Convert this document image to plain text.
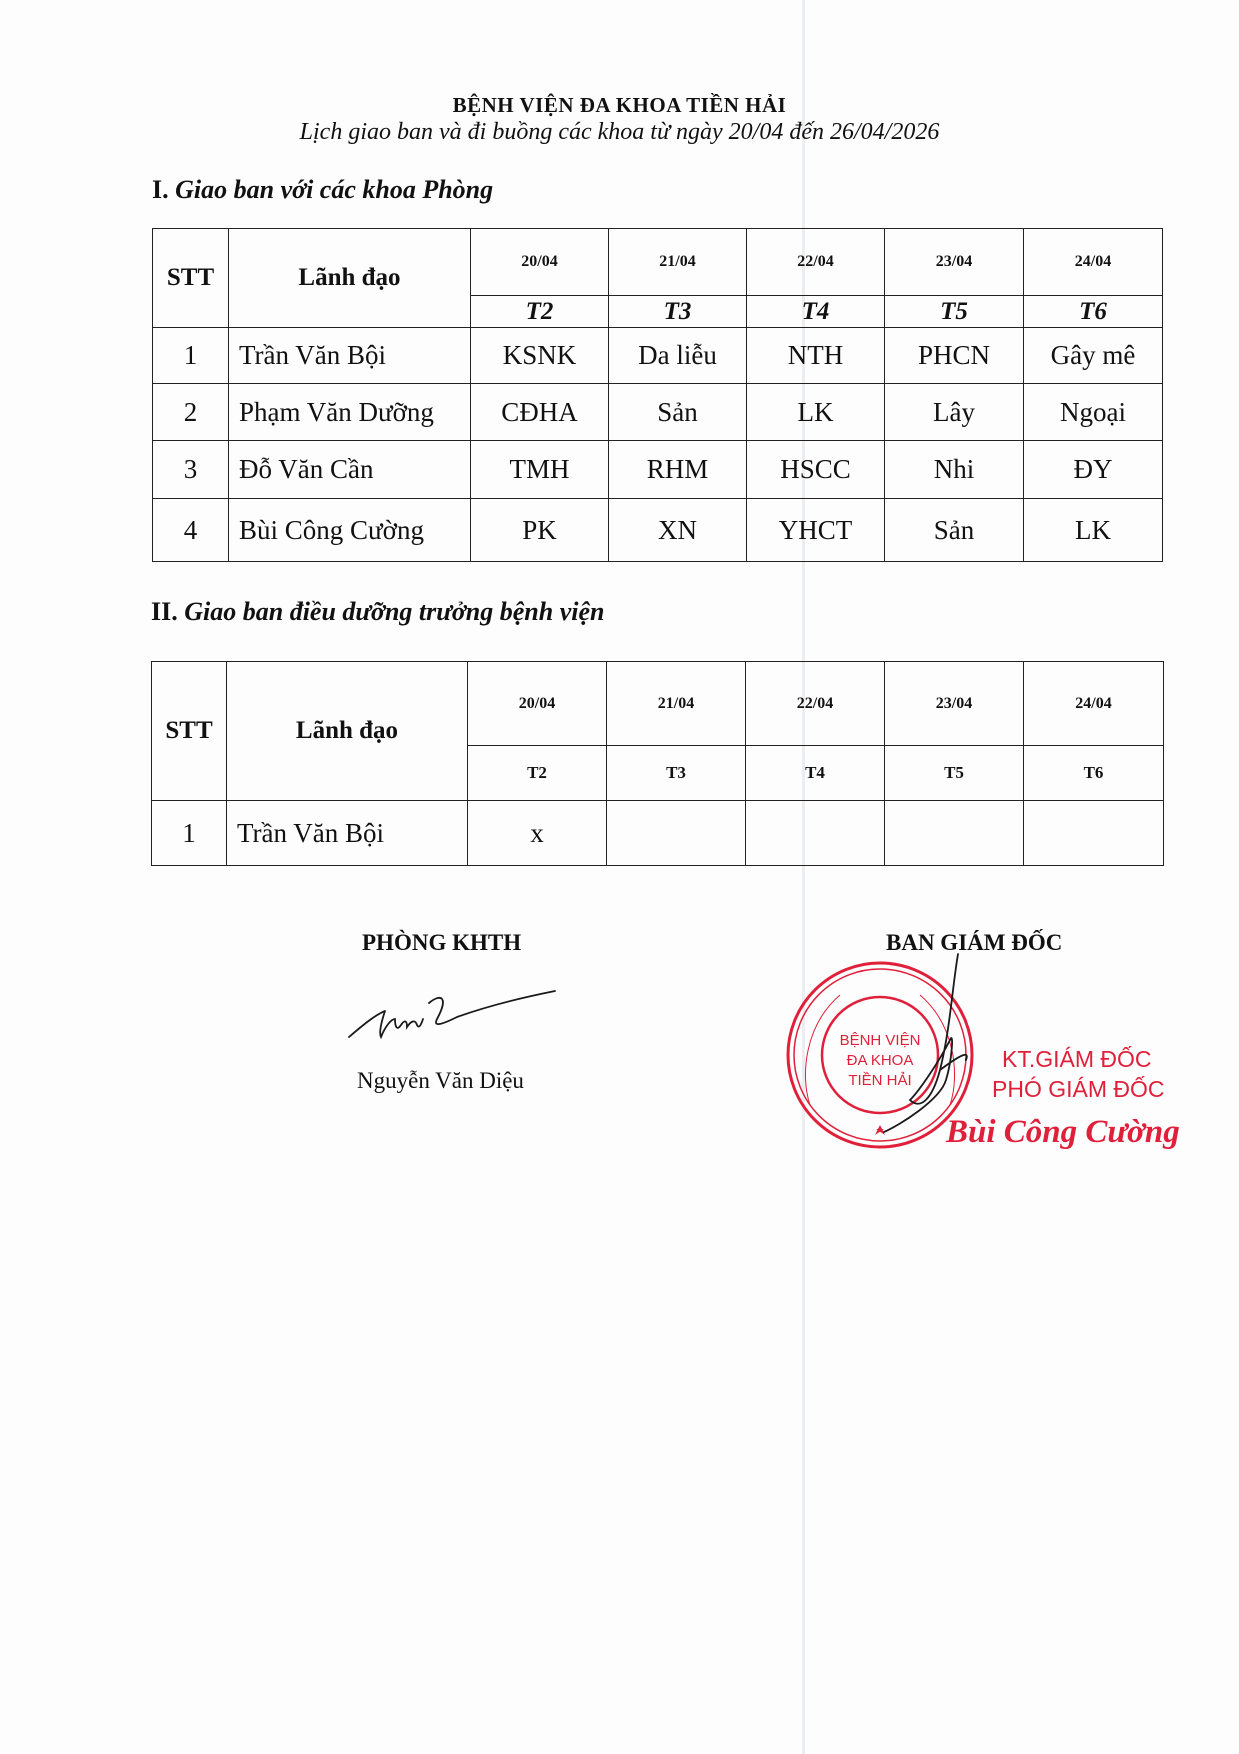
BỆNH VIỆN ĐA KHOA TIỀN HẢI
Lịch giao ban và đi buồng các khoa từ ngày 20/04 đến 26/04/2026
I. Giao ban với các khoa Phòng
STT	Lãnh đạo	20/04	21/04	22/04	23/04	24/04
		T2	T3	T4	T5	T6
1	Trần Văn Bội	KSNK	Da liễu	NTH	PHCN	Gây mê
2	Phạm Văn Dưỡng	CĐHA	Sản	LK	Lây	Ngoại
3	Đỗ Văn Cần	TMH	RHM	HSCC	Nhi	ĐY
4	Bùi Công Cường	PK	XN	YHCT	Sản	LK
II. Giao ban điều dưỡng trưởng bệnh viện
STT	Lãnh đạo	20/04	21/04	22/04	23/04	24/04
		T2	T3	T4	T5	T6
1	Trần Văn Bội	x				
PHÒNG KHTH
Nguyễn Văn Diệu
BAN GIÁM ĐỐC
BỆNH VIỆN
ĐA KHOA
TIỀN HẢI
KT.GIÁM ĐỐC
PHÓ GIÁM ĐỐC
Bùi Công Cường
